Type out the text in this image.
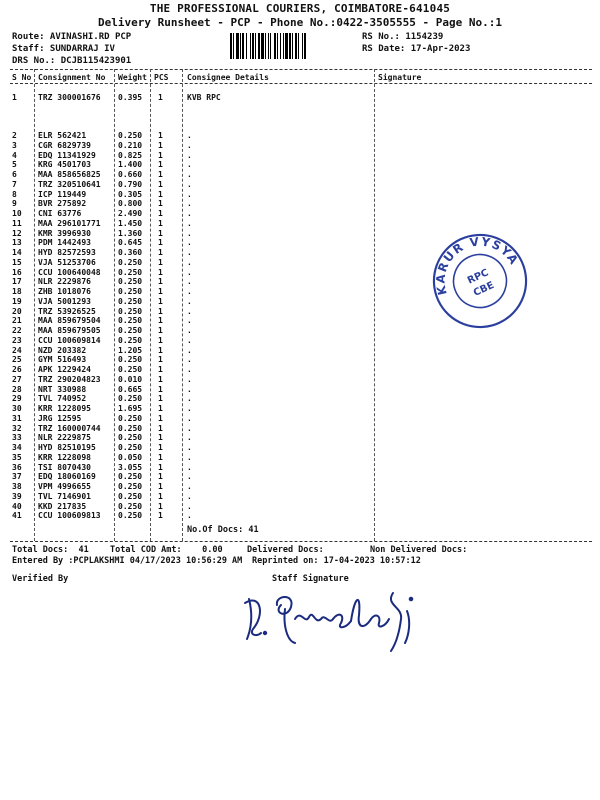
THE PROFESSIONAL COURIERS, COIMBATORE-641045
Delivery Runsheet - PCP - Phone No.:0422-3505555 - Page No.:1
Route: AVINASHI.RD PCP
Staff: SUNDARRAJ IV
DRS No.: DCJB115423901
RS No.: 1154239
RS Date: 17-Apr-2023
S No Consignment No Weight PCS Consignee Details	Signature
1	TRZ 300001676 0.395 1	KVB RPC
2	ELR 562421	0.250 1	.
3	CGR 6829739	0.210 1	.
4	EDQ 11341929	0.825 1	.
5	KRG 4501703	1.400 1	.
6	MAA 858656825 0.660 1	.
7	TRZ 320510641 0.790 1	.
8	ICP 119449	0.305 1	.
9	BVR 275892	0.800 1	.
10 CNI 63776	2.490 1	.
11 MAA 296101771 1.450 1	.
12 KMR 3996930	1.360 1	.
13 PDM 1442493	0.645 1	.
14 HYD 82572593	0.360 1	.
15 VJA 51253706	0.250 1	.
16 CCU 100640048 0.250 1	.
17 NLR 2229876	0.250 1	.
18 ZHB 1018076	0.250 1	.
19 VJA 5001293	0.250 1	.
20 TRZ 53926525	0.250 1	.
21 MAA 859679504 0.250 1	.
22 MAA 859679505 0.250 1	.
23 CCU 100609814 0.250 1	.
24 NZD 203382	1.205 1	.
25 GYM 516493	0.250 1	.
26 APK 1229424	0.250 1	.
27 TRZ 290204823 0.010 1	.
28 NRT 330988	0.665 1	.
29 TVL 740952	0.250 1	.
30 KRR 1228095	1.695 1	.
31 JRG 12595	0.250 1	.
32 TRZ 160000744 0.250 1	.
33 NLR 2229875	0.250 1	.
34 HYD 82510195	0.250 1	.
35 KRR 1228098	0.050 1	.
36 TSI 8070430	3.055 1	.
37 EDQ 18060169	0.250 1	.
38 VPM 4996655	0.250 1	.
39 TVL 7146901	0.250 1	.
40 KKD 217835	0.250 1	.
41 CCU 100609813 0.250 1	.
No.Of Docs: 41
KARUR VYSYA
RPC
CBE
Total Docs:  41 Total COD Amt:    0.00	Delivered Docs:	Non Delivered Docs:
Entered By :PCPLAKSHMI 04/17/2023 10:56:29 AM Reprinted on: 17-04-2023 10:57:12
Verified By	Staff Signature
